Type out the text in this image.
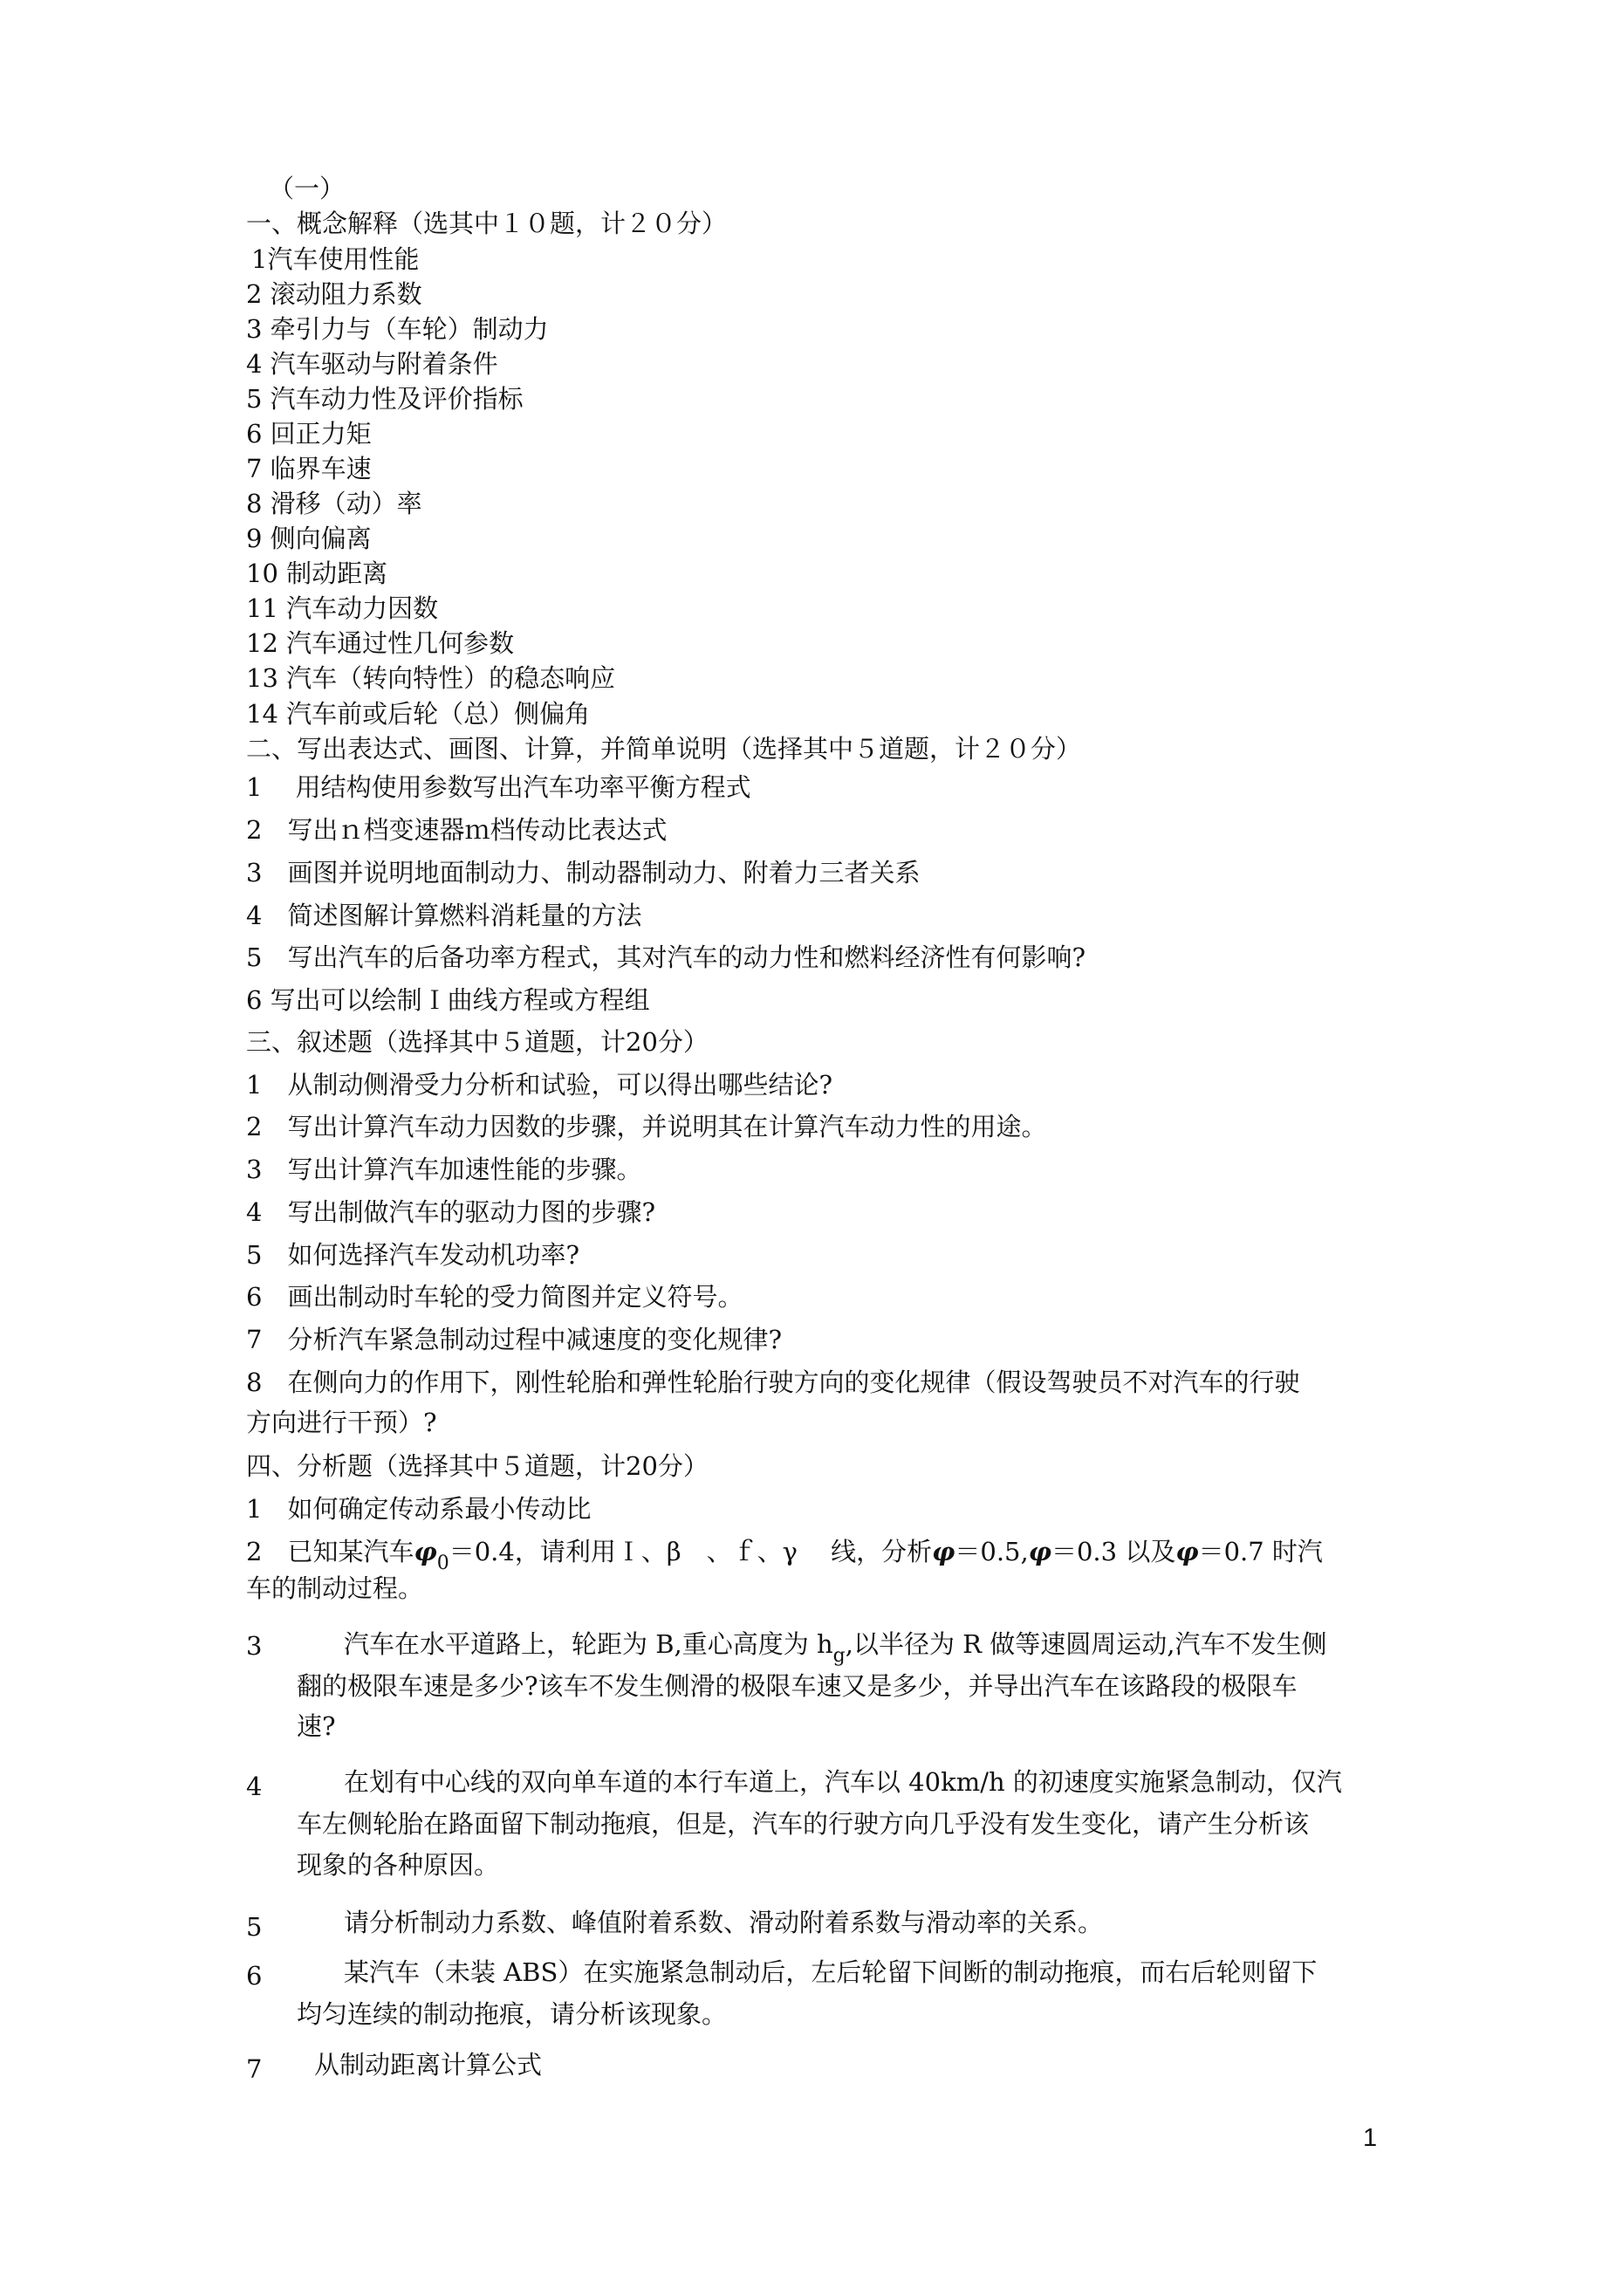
（一）
一、概念解释（选其中１０题，计２０分）
1汽车使用性能
2 滚动阻力系数
3 牵引力与（车轮）制动力
4 汽车驱动与附着条件
5 汽车动力性及评价指标
6 回正力矩
7 临界车速
8 滑移（动）率
9 侧向偏离
10 制动距离
11 汽车动力因数
12 汽车通过性几何参数
13 汽车（转向特性）的稳态响应
14 汽车前或后轮（总）侧偏角
二、写出表达式、画图、计算，并简单说明（选择其中５道题，计２０分）
1　 用结构使用参数写出汽车功率平衡方程式
2　写出ｎ档变速器ｍ档传动比表达式
3　画图并说明地面制动力、制动器制动力、附着力三者关系
4　简述图解计算燃料消耗量的方法
5　写出汽车的后备功率方程式，其对汽车的动力性和燃料经济性有何影响?
6 写出可以绘制Ｉ曲线方程或方程组
三、叙述题（选择其中５道题，计20分）
1　从制动侧滑受力分析和试验，可以得出哪些结论?
2　写出计算汽车动力因数的步骤，并说明其在计算汽车动力性的用途。
3　写出计算汽车加速性能的步骤。
4　写出制做汽车的驱动力图的步骤?
5　如何选择汽车发动机功率?
6　画出制动时车轮的受力简图并定义符号。
7　分析汽车紧急制动过程中减速度的变化规律?
8　在侧向力的作用下，刚性轮胎和弹性轮胎行驶方向的变化规律（假设驾驶员不对汽车的行驶
方向进行干预）?
四、分析题（选择其中５道题，计20分）
1　如何确定传动系最小传动比
2　已知某汽车$\varphi_0=0.4$，请利用Ｉ、β　、ｆ、γ　 线，分析φ＝0.5,φ＝0.3 以及φ＝0.7 时汽
车的制动过程。
3	汽车在水平道路上，轮距为 B,重心高度为 $h_g$,以半径为 R 做等速圆周运动,汽车不发生侧
翻的极限车速是多少?该车不发生侧滑的极限车速又是多少，并导出汽车在该路段的极限车
速?
4	在划有中心线的双向单车道的本行车道上，汽车以 40km/h 的初速度实施紧急制动，仅汽
车左侧轮胎在路面留下制动拖痕，但是，汽车的行驶方向几乎没有发生变化，请产生分析该
现象的各种原因。
5	请分析制动力系数、峰值附着系数、滑动附着系数与滑动率的关系。
6	某汽车（未装 ABS）在实施紧急制动后，左后轮留下间断的制动拖痕，而右后轮则留下
均匀连续的制动拖痕，请分析该现象。
7 从制动距离计算公式
1
